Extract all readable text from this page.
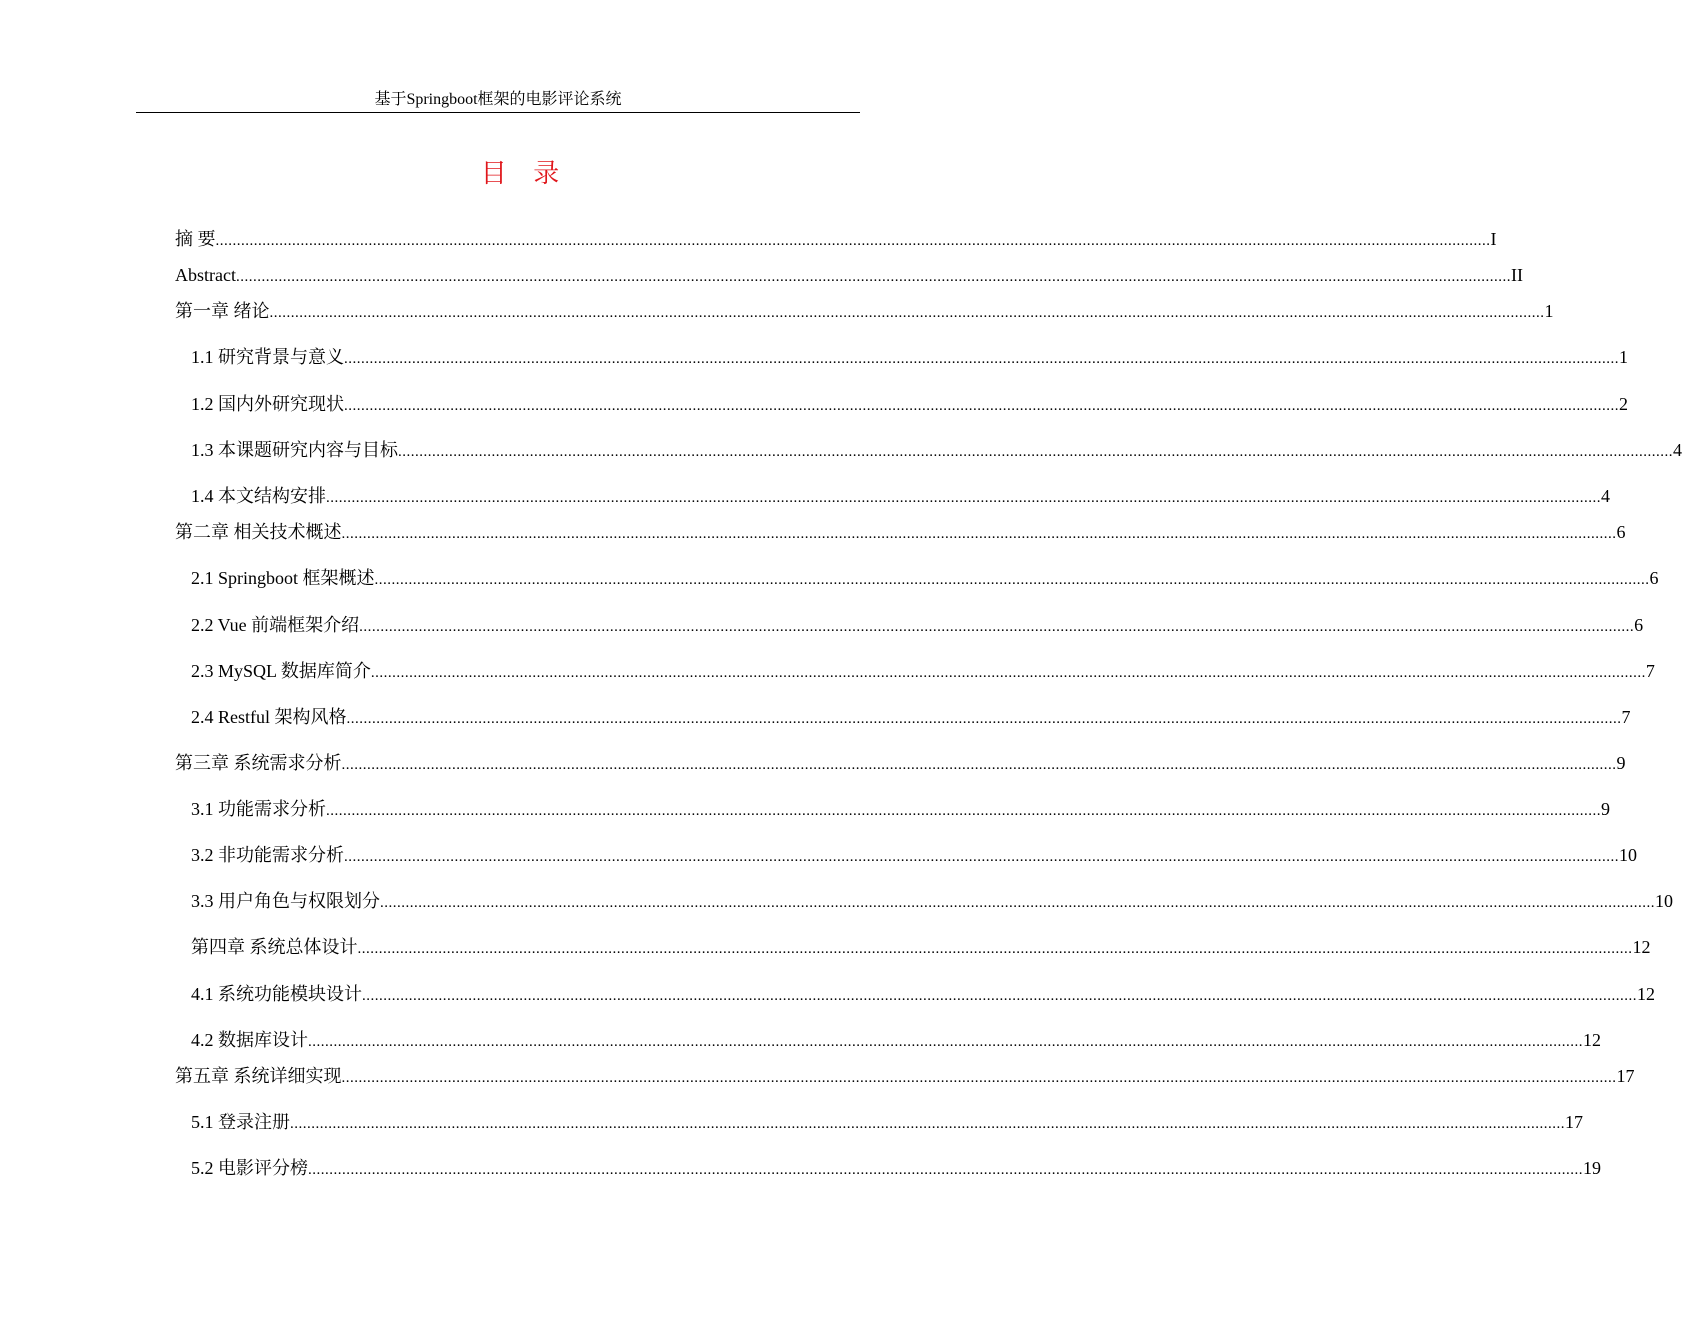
基于Springboot框架的电影评论系统
目 录
摘 要 ............................................................................................................................................................................................................................................................................................................ I
Abstract ............................................................................................................................................................................................................................................................................................................ II
第一章 绪论 ............................................................................................................................................................................................................................................................................................................ 1
1.1 研究背景与意义 ............................................................................................................................................................................................................................................................................................................ 1
1.2 国内外研究现状 ............................................................................................................................................................................................................................................................................................................ 2
1.3 本课题研究内容与目标 ............................................................................................................................................................................................................................................................................................................ 4
1.4 本文结构安排 ............................................................................................................................................................................................................................................................................................................ 4
第二章 相关技术概述 ............................................................................................................................................................................................................................................................................................................ 6
2.1 Springboot 框架概述 ............................................................................................................................................................................................................................................................................................................ 6
2.2 Vue 前端框架介绍 ............................................................................................................................................................................................................................................................................................................ 6
2.3 MySQL 数据库简介 ............................................................................................................................................................................................................................................................................................................ 7
2.4 Restful 架构风格 ............................................................................................................................................................................................................................................................................................................ 7
第三章 系统需求分析 ............................................................................................................................................................................................................................................................................................................ 9
3.1 功能需求分析 ............................................................................................................................................................................................................................................................................................................ 9
3.2 非功能需求分析 ............................................................................................................................................................................................................................................................................................................ 10
3.3 用户角色与权限划分 ............................................................................................................................................................................................................................................................................................................ 10
第四章 系统总体设计 ............................................................................................................................................................................................................................................................................................................ 12
4.1 系统功能模块设计 ............................................................................................................................................................................................................................................................................................................ 12
4.2 数据库设计 ............................................................................................................................................................................................................................................................................................................ 12
第五章 系统详细实现 ............................................................................................................................................................................................................................................................................................................ 17
5.1 登录注册 ............................................................................................................................................................................................................................................................................................................ 17
5.2 电影评分榜 ............................................................................................................................................................................................................................................................................................................ 19
